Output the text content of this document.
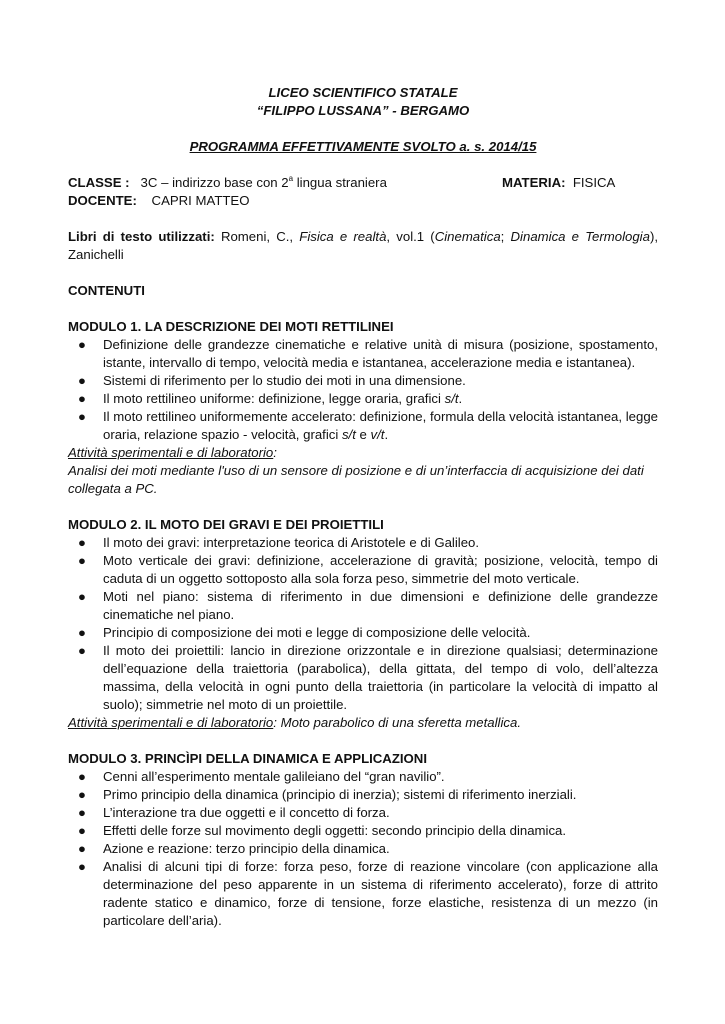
LICEO SCIENTIFICO STATALE
“FILIPPO LUSSANA” - BERGAMO
PROGRAMMA EFFETTIVAMENTE SVOLTO a. s. 2014/15
CLASSE : 3C – indirizzo base con 2$^a$ lingua straniera	MATERIA: FISICA
DOCENTE: CAPRI MATTEO
Libri di testo utilizzati: Romeni, C., Fisica e realtà, vol.1 (Cinematica; Dinamica e Termologia), Zanichelli
CONTENUTI
MODULO 1. LA DESCRIZIONE DEI MOTI RETTILINEI
● Definizione delle grandezze cinematiche e relative unità di misura (posizione, spostamento, istante, intervallo di tempo, velocità media e istantanea, accelerazione media e istantanea).
● Sistemi di riferimento per lo studio dei moti in una dimensione.
● Il moto rettilineo uniforme: definizione, legge oraria, grafici s/t.
● Il moto rettilineo uniformemente accelerato: definizione, formula della velocità istantanea, legge oraria, relazione spazio - velocità, grafici s/t e v/t.
Attività sperimentali e di laboratorio:
Analisi dei moti mediante l'uso di un sensore di posizione e di un’interfaccia di acquisizione dei dati collegata a PC.
MODULO 2. IL MOTO DEI GRAVI E DEI PROIETTILI
● Il moto dei gravi: interpretazione teorica di Aristotele e di Galileo.
● Moto verticale dei gravi: definizione, accelerazione di gravità; posizione, velocità, tempo di caduta di un oggetto sottoposto alla sola forza peso, simmetrie del moto verticale.
● Moti nel piano: sistema di riferimento in due dimensioni e definizione delle grandezze cinematiche nel piano.
● Principio di composizione dei moti e legge di composizione delle velocità.
● Il moto dei proiettili: lancio in direzione orizzontale e in direzione qualsiasi; determinazione dell’equazione della traiettoria (parabolica), della gittata, del tempo di volo, dell’altezza massima, della velocità in ogni punto della traiettoria (in particolare la velocità di impatto al suolo); simmetrie nel moto di un proiettile.
Attività sperimentali e di laboratorio: Moto parabolico di una sferetta metallica.
MODULO 3. PRINCÌPI DELLA DINAMICA E APPLICAZIONI
● Cenni all’esperimento mentale galileiano del “gran navilio”.
● Primo principio della dinamica (principio di inerzia); sistemi di riferimento inerziali.
● L’interazione tra due oggetti e il concetto di forza.
● Effetti delle forze sul movimento degli oggetti: secondo principio della dinamica.
● Azione e reazione: terzo principio della dinamica.
● Analisi di alcuni tipi di forze: forza peso, forze di reazione vincolare (con applicazione alla determinazione del peso apparente in un sistema di riferimento accelerato), forze di attrito radente statico e dinamico, forze di tensione, forze elastiche, resistenza di un mezzo (in particolare dell’aria).
